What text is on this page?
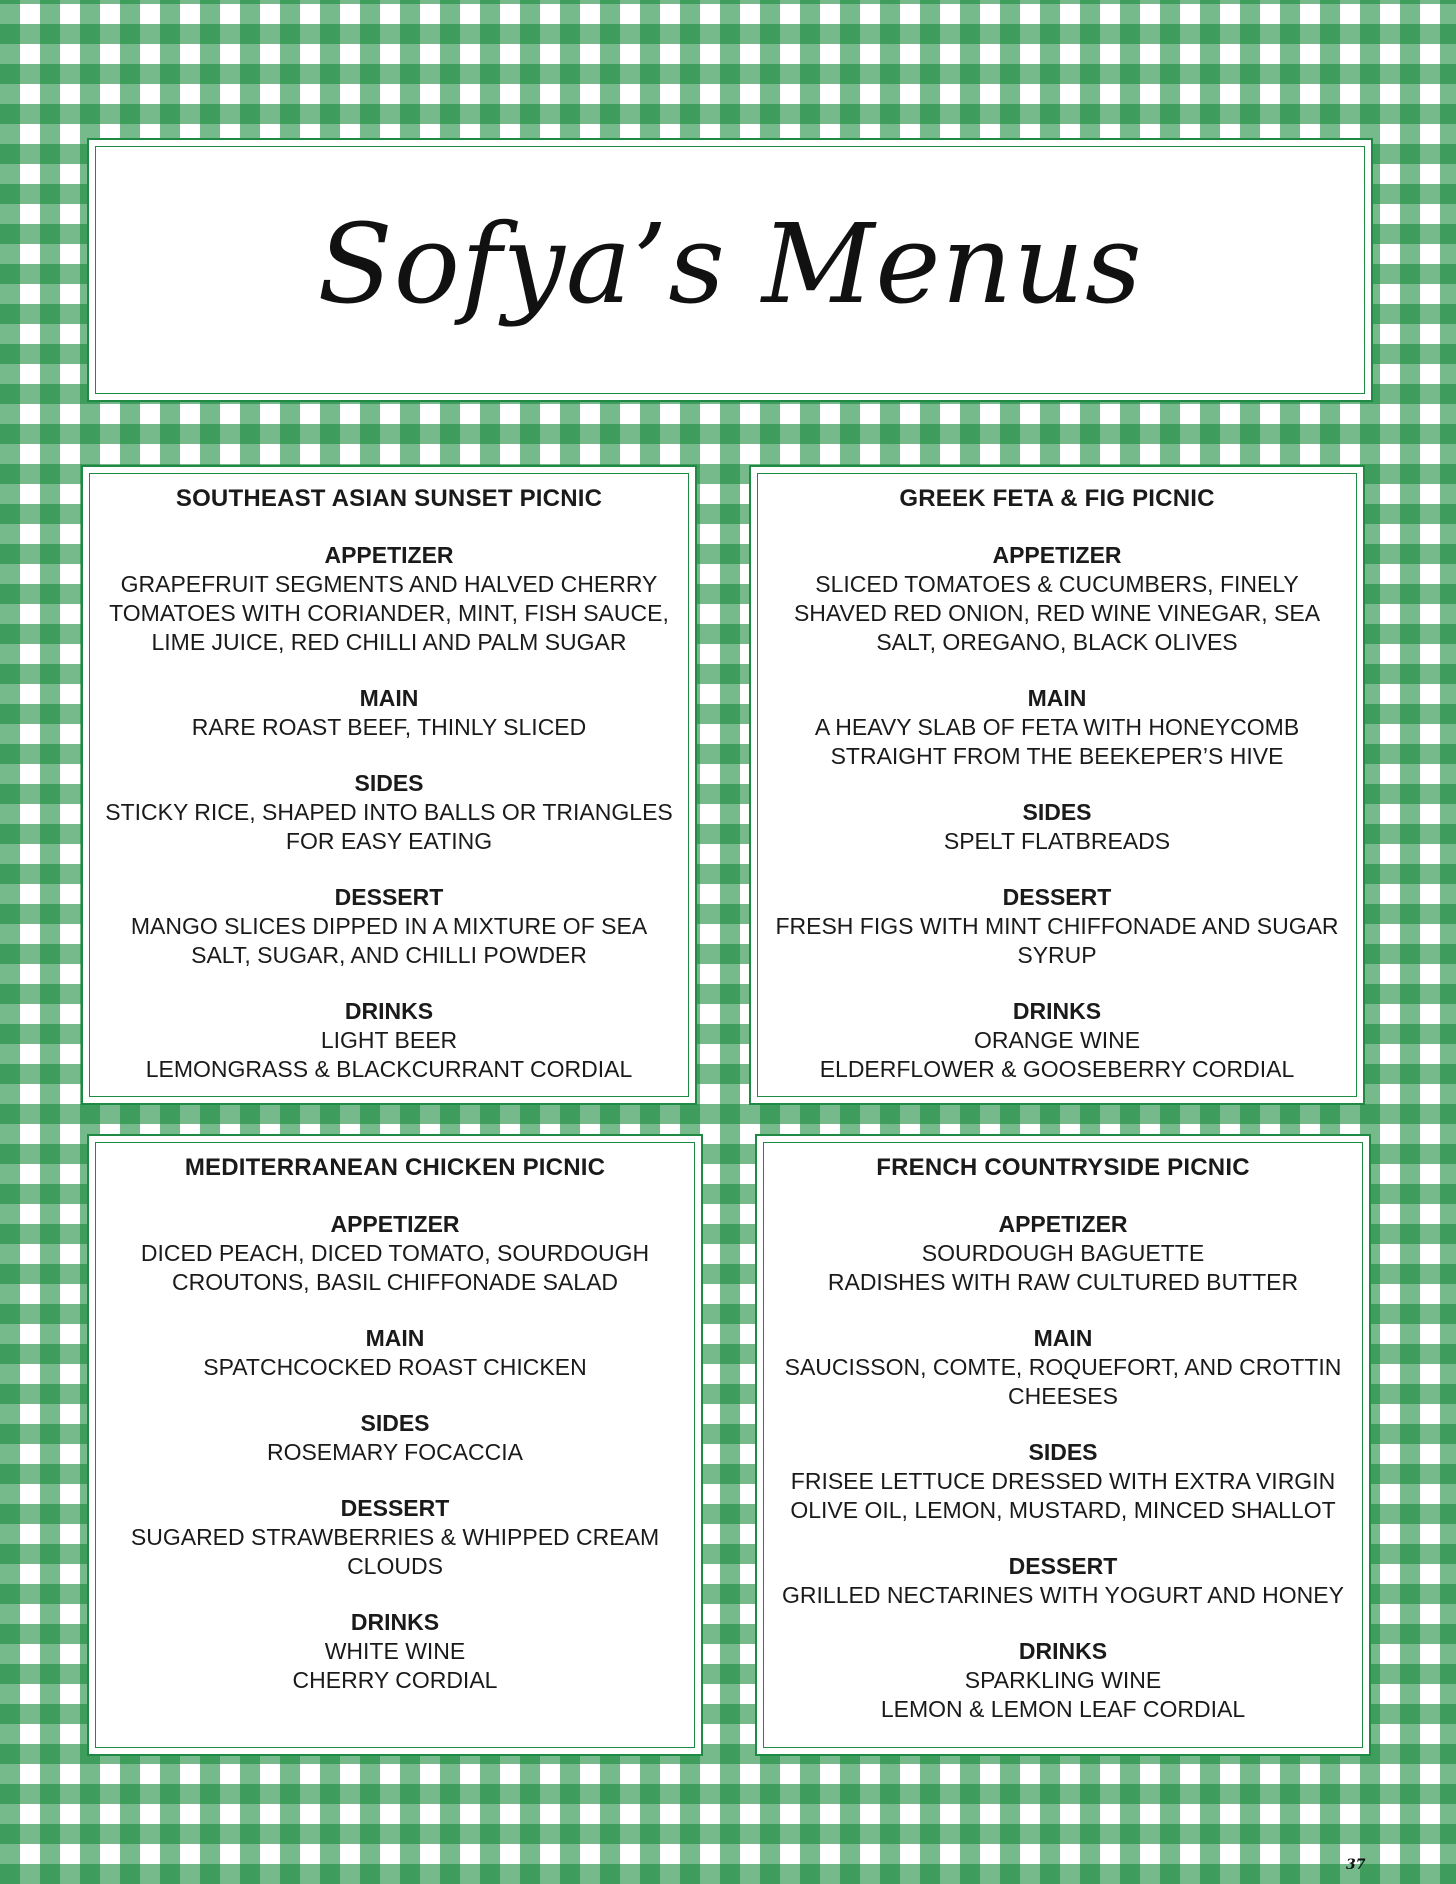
Sofya’s Menus
SOUTHEAST ASIAN SUNSET PICNIC
APPETIZER
GRAPEFRUIT SEGMENTS AND HALVED CHERRY
TOMATOES WITH CORIANDER, MINT, FISH SAUCE,
LIME JUICE, RED CHILLI AND PALM SUGAR
MAIN
RARE ROAST BEEF, THINLY SLICED
SIDES
STICKY RICE, SHAPED INTO BALLS OR TRIANGLES
FOR EASY EATING
DESSERT
MANGO SLICES DIPPED IN A MIXTURE OF SEA
SALT, SUGAR, AND CHILLI POWDER
DRINKS
LIGHT BEER
LEMONGRASS & BLACKCURRANT CORDIAL
GREEK FETA & FIG PICNIC
APPETIZER
SLICED TOMATOES & CUCUMBERS, FINELY
SHAVED RED ONION, RED WINE VINEGAR, SEA
SALT, OREGANO, BLACK OLIVES
MAIN
A HEAVY SLAB OF FETA WITH HONEYCOMB
STRAIGHT FROM THE BEEKEPER’S HIVE
SIDES
SPELT FLATBREADS
DESSERT
FRESH FIGS WITH MINT CHIFFONADE AND SUGAR
SYRUP
DRINKS
ORANGE WINE
ELDERFLOWER & GOOSEBERRY CORDIAL
MEDITERRANEAN CHICKEN PICNIC
APPETIZER
DICED PEACH, DICED TOMATO, SOURDOUGH
CROUTONS, BASIL CHIFFONADE SALAD
MAIN
SPATCHCOCKED ROAST CHICKEN
SIDES
ROSEMARY FOCACCIA
DESSERT
SUGARED STRAWBERRIES & WHIPPED CREAM
CLOUDS
DRINKS
WHITE WINE
CHERRY CORDIAL
FRENCH COUNTRYSIDE PICNIC
APPETIZER
SOURDOUGH BAGUETTE
RADISHES WITH RAW CULTURED BUTTER
MAIN
SAUCISSON, COMTE, ROQUEFORT, AND CROTTIN
CHEESES
SIDES
FRISEE LETTUCE DRESSED WITH EXTRA VIRGIN
OLIVE OIL, LEMON, MUSTARD, MINCED SHALLOT
DESSERT
GRILLED NECTARINES WITH YOGURT AND HONEY
DRINKS
SPARKLING WINE
LEMON & LEMON LEAF CORDIAL
37
